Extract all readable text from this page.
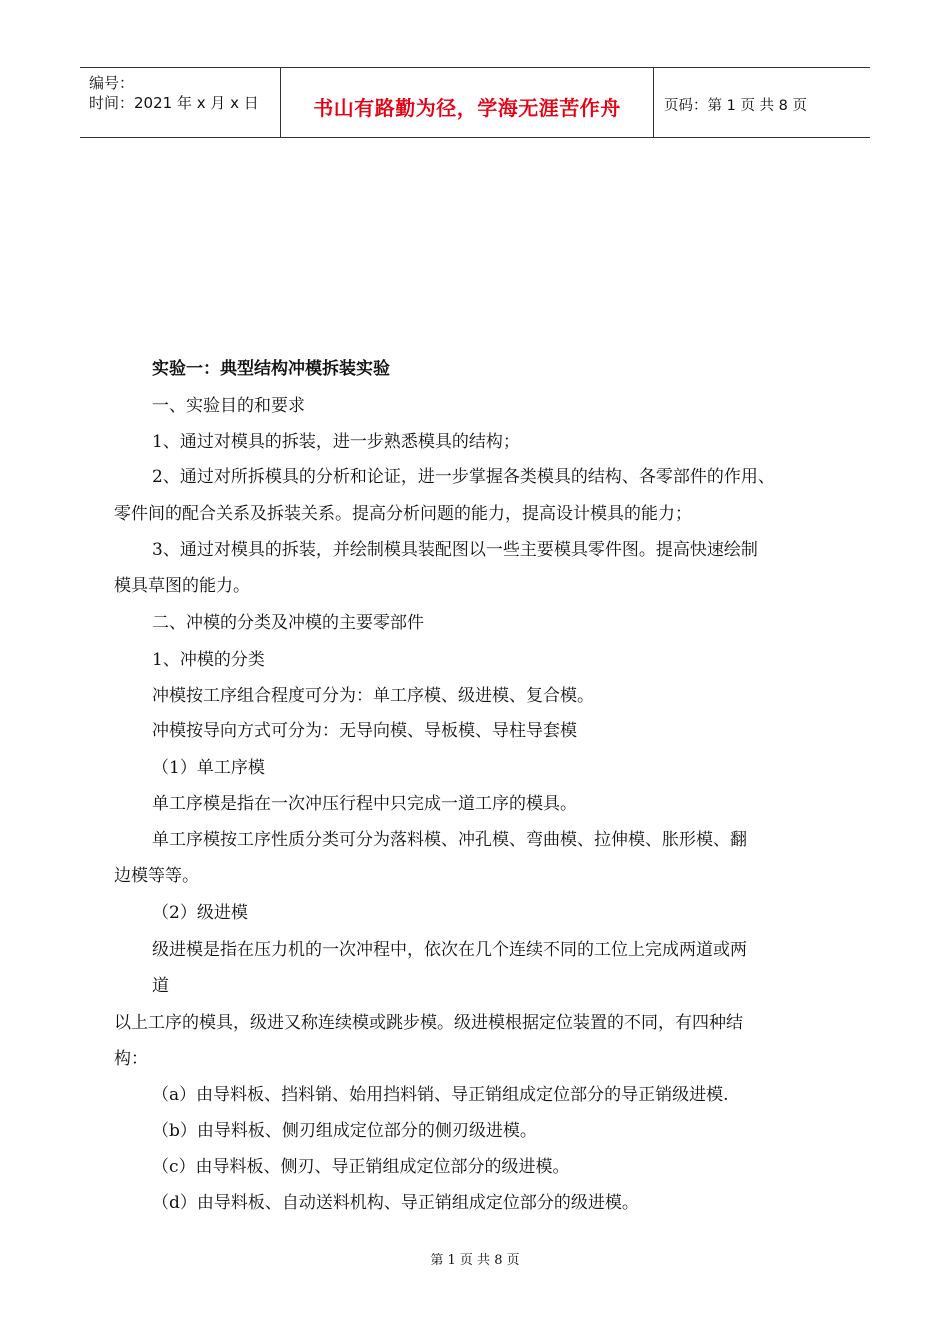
编号：
时间：2021 年 x 月 x 日	书山有路勤为径，学海无涯苦作舟	页码：第 1 页 共 8 页
实验一：典型结构冲模拆装实验
一、实验目的和要求
1、通过对模具的拆装，进一步熟悉模具的结构；
2、通过对所拆模具的分析和论证，进一步掌握各类模具的结构、各零部件的作用、
零件间的配合关系及拆装关系。提高分析问题的能力，提高设计模具的能力；
3、通过对模具的拆装，并绘制模具装配图以一些主要模具零件图。提高快速绘制
模具草图的能力。
二、冲模的分类及冲模的主要零部件
1、冲模的分类
冲模按工序组合程度可分为：单工序模、级进模、复合模。
冲模按导向方式可分为：无导向模、导板模、导柱导套模
（1）单工序模
单工序模是指在一次冲压行程中只完成一道工序的模具。
单工序模按工序性质分类可分为落料模、冲孔模、弯曲模、拉伸模、胀形模、翻
边模等等。
（2）级进模
级进模是指在压力机的一次冲程中，依次在几个连续不同的工位上完成两道或两
道
以上工序的模具，级进又称连续模或跳步模。级进模根据定位装置的不同，有四种结
构：
（a）由导料板、挡料销、始用挡料销、导正销组成定位部分的导正销级进模.
（b）由导料板、侧刃组成定位部分的侧刃级进模。
（c）由导料板、侧刃、导正销组成定位部分的级进模。
（d）由导料板、自动送料机构、导正销组成定位部分的级进模。
第 1 页 共 8 页
